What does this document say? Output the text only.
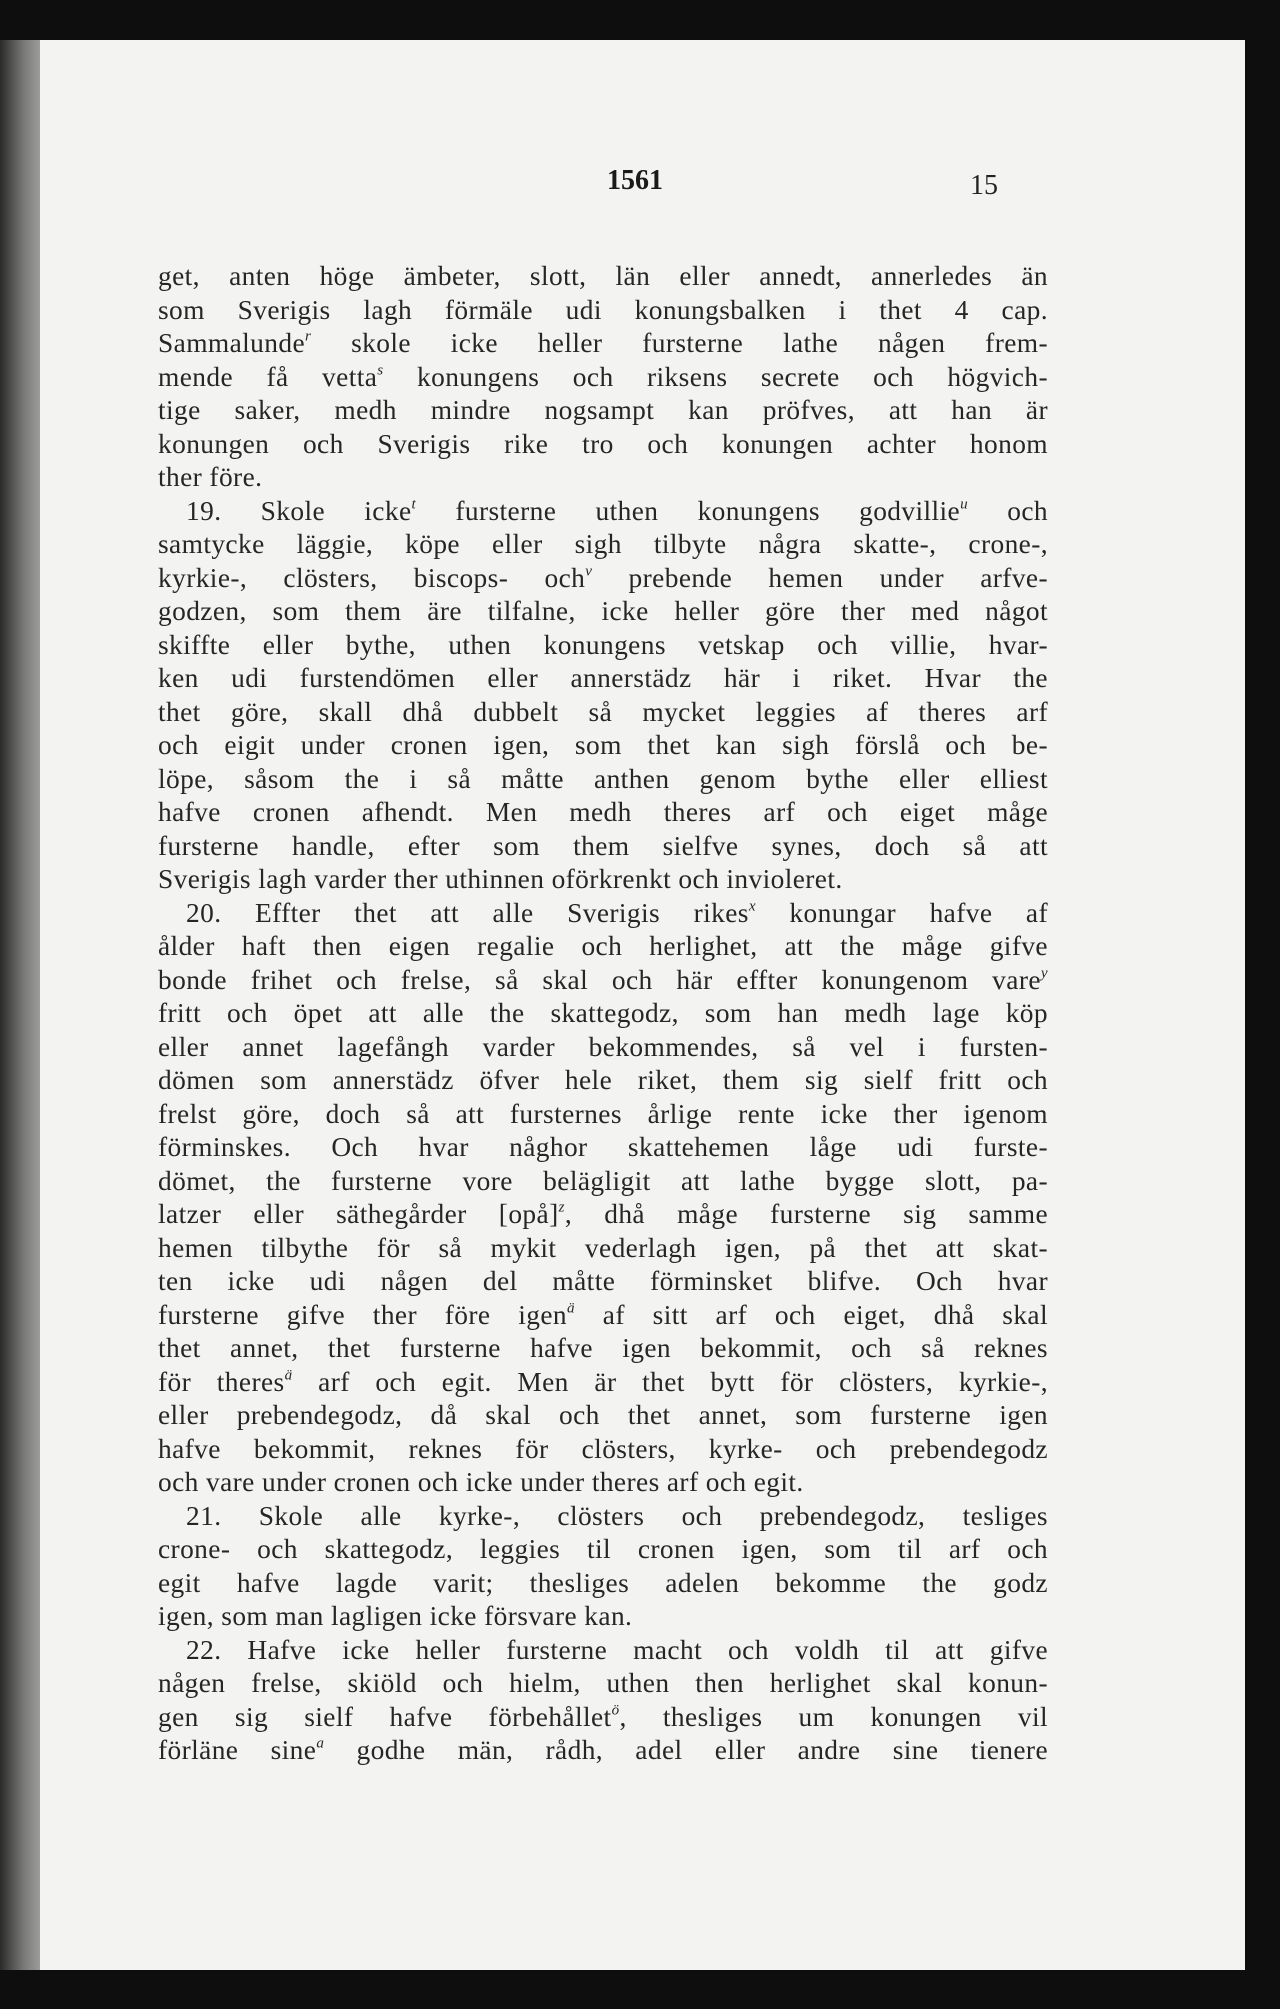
1561	15
get, anten höge ämbeter, slott, län eller annedt, annerledes än
som Sverigis lagh förmäle udi konungsbalken i thet 4 cap.
Sammalunde$^r$ skole icke heller fursterne lathe någen frem-
mende få vetta$^s$ konungens och riksens secrete och högvich-
tige saker, medh mindre nogsampt kan pröfves, att han är
konungen och Sverigis rike tro och konungen achter honom
ther före.
19. Skole icke$^t$ fursterne uthen konungens godvillie$^u$ och
samtycke läggie, köpe eller sigh tilbyte några skatte-, crone-,
kyrkie-, clösters, biscops- och$^v$ prebende hemen under arfve-
godzen, som them äre tilfalne, icke heller göre ther med något
skiffte eller bythe, uthen konungens vetskap och villie, hvar-
ken udi furstendömen eller annerstädz här i riket. Hvar the
thet göre, skall dhå dubbelt så mycket leggies af theres arf
och eigit under cronen igen, som thet kan sigh förslå och be-
löpe, såsom the i så måtte anthen genom bythe eller elliest
hafve cronen afhendt. Men medh theres arf och eiget måge
fursterne handle, efter som them sielfve synes, doch så att
Sverigis lagh varder ther uthinnen oförkrenkt och invioleret.
20. Effter thet att alle Sverigis rikes$^x$ konungar hafve af
ålder haft then eigen regalie och herlighet, att the måge gifve
bonde frihet och frelse, så skal och här effter konungenom vare$^y$
fritt och öpet att alle the skattegodz, som han medh lage köp
eller annet lagefångh varder bekommendes, så vel i fursten-
dömen som annerstädz öfver hele riket, them sig sielf fritt och
frelst göre, doch så att fursternes årlige rente icke ther igenom
förminskes. Och hvar någhor skattehemen låge udi furste-
dömet, the fursterne vore belägligit att lathe bygge slott, pa-
latzer eller säthegårder [opå]$^z$, dhå måge fursterne sig samme
hemen tilbythe för så mykit vederlagh igen, på thet att skat-
ten icke udi någen del måtte förminsket blifve. Och hvar
fursterne gifve ther före igen$^ä$ af sitt arf och eiget, dhå skal
thet annet, thet fursterne hafve igen bekommit, och så reknes
för theres$^ä$ arf och egit. Men är thet bytt för clösters, kyrkie-,
eller prebendegodz, då skal och thet annet, som fursterne igen
hafve bekommit, reknes för clösters, kyrke- och prebendegodz
och vare under cronen och icke under theres arf och egit.
21. Skole alle kyrke-, clösters och prebendegodz, tesliges
crone- och skattegodz, leggies til cronen igen, som til arf och
egit hafve lagde varit; thesliges adelen bekomme the godz
igen, som man lagligen icke försvare kan.
22. Hafve icke heller fursterne macht och voldh til att gifve
någen frelse, skiöld och hielm, uthen then herlighet skal konun-
gen sig sielf hafve förbehållet$^ö$, thesliges um konungen vil
förläne sine$^a$ godhe män, rådh, adel eller andre sine tienere
